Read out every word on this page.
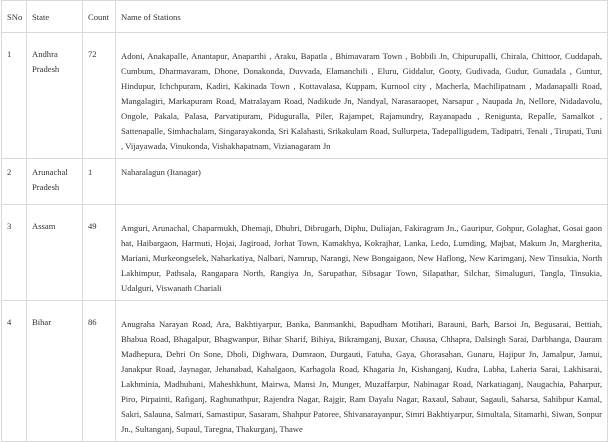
SNo	State	Count	Name of Stations
1	Andhra Pradesh	72	Adoni, Anakapalle, Anantapur, Anaparthi , Araku, Bapatla , Bhimavaram Town , Bobbili Jn, Chipurupalli, Chirala, Chittoor, Cuddapah, Cumbum, Dharmavaram, Dhone, Donakonda, Duvvada, Elamanchili , Eluru, Giddalur, Gooty, Gudivada, Gudur, Gunadala , Guntur, Hindupur, Ichchpuram, Kadiri, Kakinada Town , Kottavalasa, Kuppam, Kurnool city , Macherla, Machilipatnam , Madanapalli Road, Mangalagiri, Markapuram Road, Matralayam Road, Nadikude Jn, Nandyal, Narasaraopet, Narsapur , Naupada Jn, Nellore, Nidadavolu, Ongole, Pakala, Palasa, Parvatipuram, Piduguralla, Piler, Rajampet, Rajamundry, Rayanapadu , Renigunta, Repalle, Samalkot , Sattenapalle, Simhachalam, Singarayakonda, Sri Kalahasti, Srikakulam Road, Sullurpeta, Tadepalligudem, Tadipatri, Tenali , Tirupati, Tuni , Vijayawada, Vinukonda, Vishakhapatnam, Vizianagaram Jn
2	Arunachal Pradesh	1	Naharalagun (Itanagar)
3	Assam	49	Amguri, Arunachal, Chaparmukh, Dhemaji, Dhubri, Dibrugarh, Diphu, Duliajan, Fakiragram Jn., Gauripur, Gohpur, Golaghat, Gosai gaon hat, Haibargaon, Harmuti, Hojai, Jagiroad, Jorhat Town, Kamakhya, Kokrajhar, Lanka, Ledo, Lumding, Majbat, Makum Jn, Margherita, Mariani, Murkeongselek, Naharkatiya, Nalbari, Namrup, Narangi, New Bongaigaon, New Haflong, New Karimganj, New Tinsukia, North Lakhimpur, Pathsala, Rangapara North, Rangiya Jn, Sarupathar, Sibsagar Town, Silapathar, Silchar, Simaluguri, Tangla, Tinsukia, Udalguri, Viswanath Chariali
4	Bihar	86	Anugraha Narayan Road, Ara, Bakhtiyarpur, Banka, Banmankhi, Bapudham Motihari, Barauni, Barh, Barsoi Jn, Begusarai, Bettiah, Bhabua Road, Bhagalpur, Bhagwanpur, Bihar Sharif, Bihiya, Bikramganj, Buxar, Chausa, Chhapra, Dalsingh Sarai, Darbhanga, Dauram Madhepura, Dehri On Sone, Dholi, Dighwara, Dumraon, Durgauti, Fatuha, Gaya, Ghorasahan, Gunaru, Hajipur Jn, Jamalpur, Jamui, Janakpur Road, Jaynagar, Jehanabad, Kahalgaon, Karhagola Road, Khagaria Jn, Kishanganj, Kudra, Labha, Laheria Sarai, Lakhisarai, Lakhminia, Madhubani, Maheshkhunt, Mairwa, Mansi Jn, Munger, Muzaffarpur, Nabinagar Road, Narkatiaganj, Naugachia, Paharpur, Piro, Pirpainti, Rafiganj, Raghunathpur, Rajendra Nagar, Rajgir, Ram Dayalu Nagar, Raxaul, Sabaur, Sagauli, Saharsa, Sahibpur Kamal, Sakri, Salauna, Salmari, Samastipur, Sasaram, Shahpur Patoree, Shivanarayanpur, Simri Bakhtiyarpur, Simultala, Sitamarhi, Siwan, Sonpur Jn., Sultanganj, Supaul, Taregna, Thakurganj, Thawe
